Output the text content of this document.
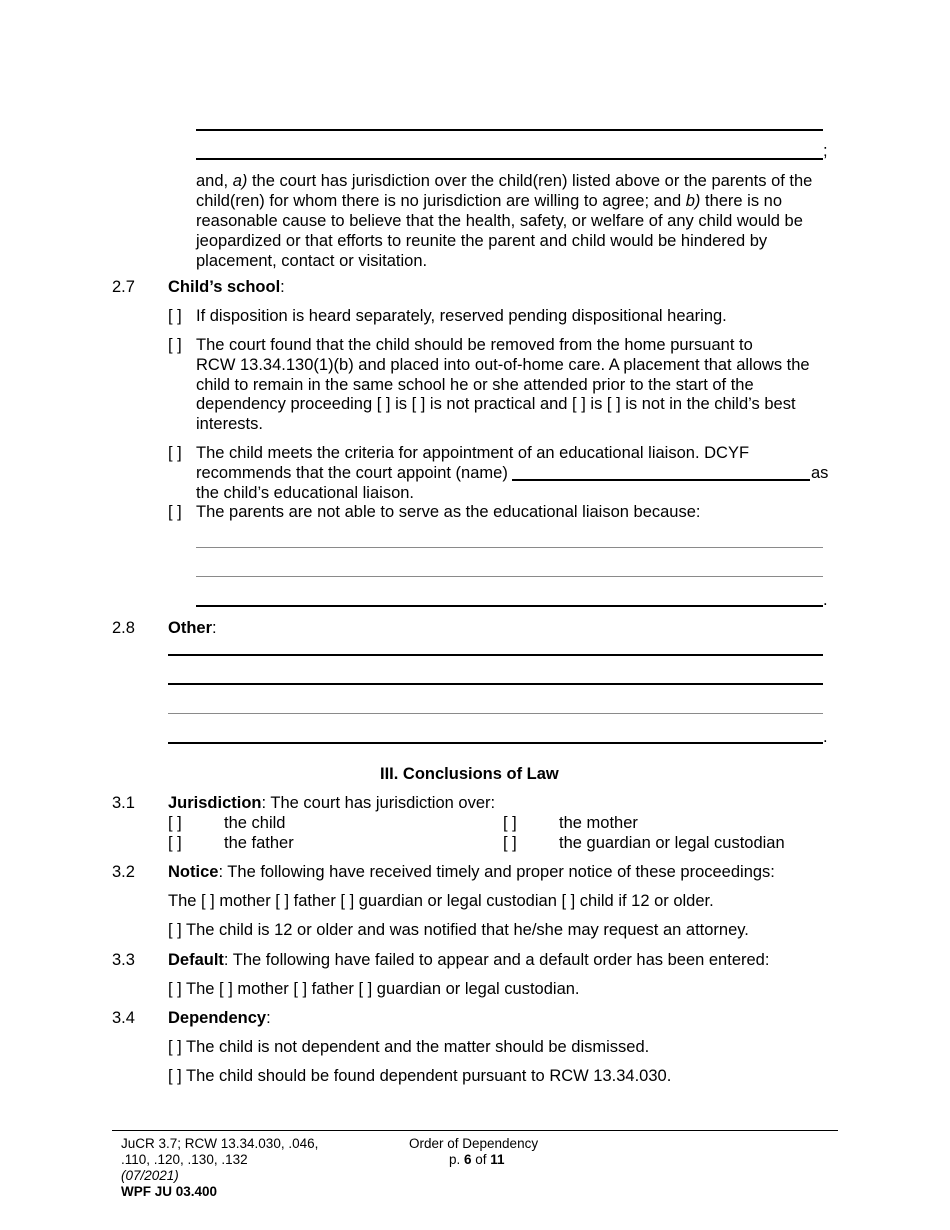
;
and, a) the court has jurisdiction over the child(ren) listed above or the parents of the child(ren) for whom there is no jurisdiction are willing to agree; and b) there is no reasonable cause to believe that the health, safety, or welfare of any child would be jeopardized or that efforts to reunite the parent and child would be hindered by placement, contact or visitation.
2.7 Child’s school:
[ ] If disposition is heard separately, reserved pending dispositional hearing.
[ ] The court found that the child should be removed from the home pursuant to
RCW 13.34.130(1)(b) and placed into out-of-home care. A placement that allows the
child to remain in the same school he or she attended prior to the start of the
dependency proceeding [ ] is [ ] is not practical and [ ] is [ ] is not in the child’s best
interests.
[ ] The child meets the criteria for appointment of an educational liaison. DCYF
recommends that the court appoint (name)	as
the child’s educational liaison.
[ ] The parents are not able to serve as the educational liaison because:
.
2.8 Other:
.
III. Conclusions of Law
3.1 Jurisdiction: The court has jurisdiction over:
[ ]	the child	[ ]	the mother
[ ]	the father	[ ]	the guardian or legal custodian
3.2 Notice: The following have received timely and proper notice of these proceedings:
The [ ] mother [ ] father [ ] guardian or legal custodian [ ] child if 12 or older.
[ ] The child is 12 or older and was notified that he/she may request an attorney.
3.3 Default: The following have failed to appear and a default order has been entered:
[ ] The [ ] mother [ ] father [ ] guardian or legal custodian.
3.4 Dependency:
[ ] The child is not dependent and the matter should be dismissed.
[ ] The child should be found dependent pursuant to RCW 13.34.030.
JuCR 3.7; RCW 13.34.030, .046,
.110, .120, .130, .132
(07/2021)
WPF JU 03.400
Order of Dependency
p. 6 of 11
